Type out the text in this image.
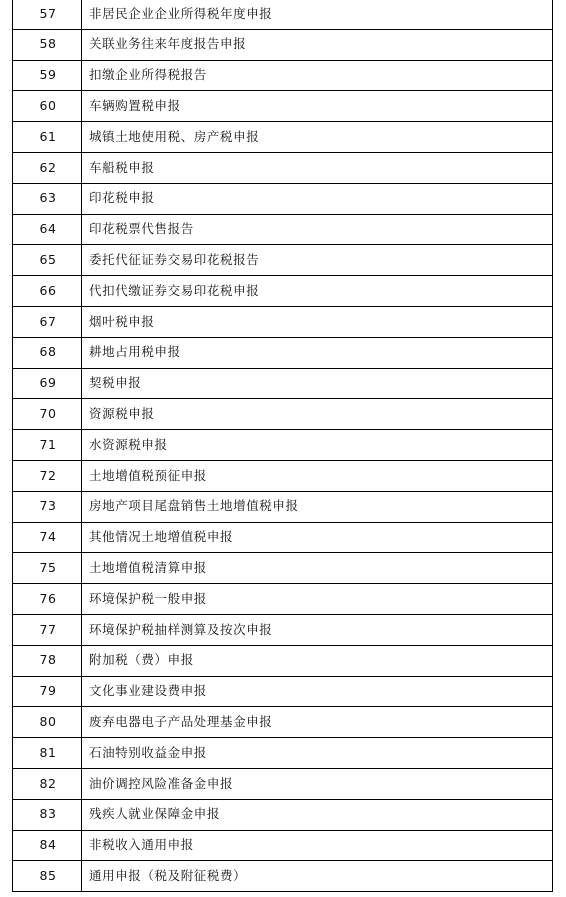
57	非居民企业企业所得税年度申报
58	关联业务往来年度报告申报
59	扣缴企业所得税报告
60	车辆购置税申报
61	城镇土地使用税、房产税申报
62	车船税申报
63	印花税申报
64	印花税票代售报告
65	委托代征证券交易印花税报告
66	代扣代缴证券交易印花税申报
67	烟叶税申报
68	耕地占用税申报
69	契税申报
70	资源税申报
71	水资源税申报
72	土地增值税预征申报
73	房地产项目尾盘销售土地增值税申报
74	其他情况土地增值税申报
75	土地增值税清算申报
76	环境保护税一般申报
77	环境保护税抽样测算及按次申报
78	附加税（费）申报
79	文化事业建设费申报
80	废弃电器电子产品处理基金申报
81	石油特别收益金申报
82	油价调控风险准备金申报
83	残疾人就业保障金申报
84	非税收入通用申报
85	通用申报（税及附征税费）
